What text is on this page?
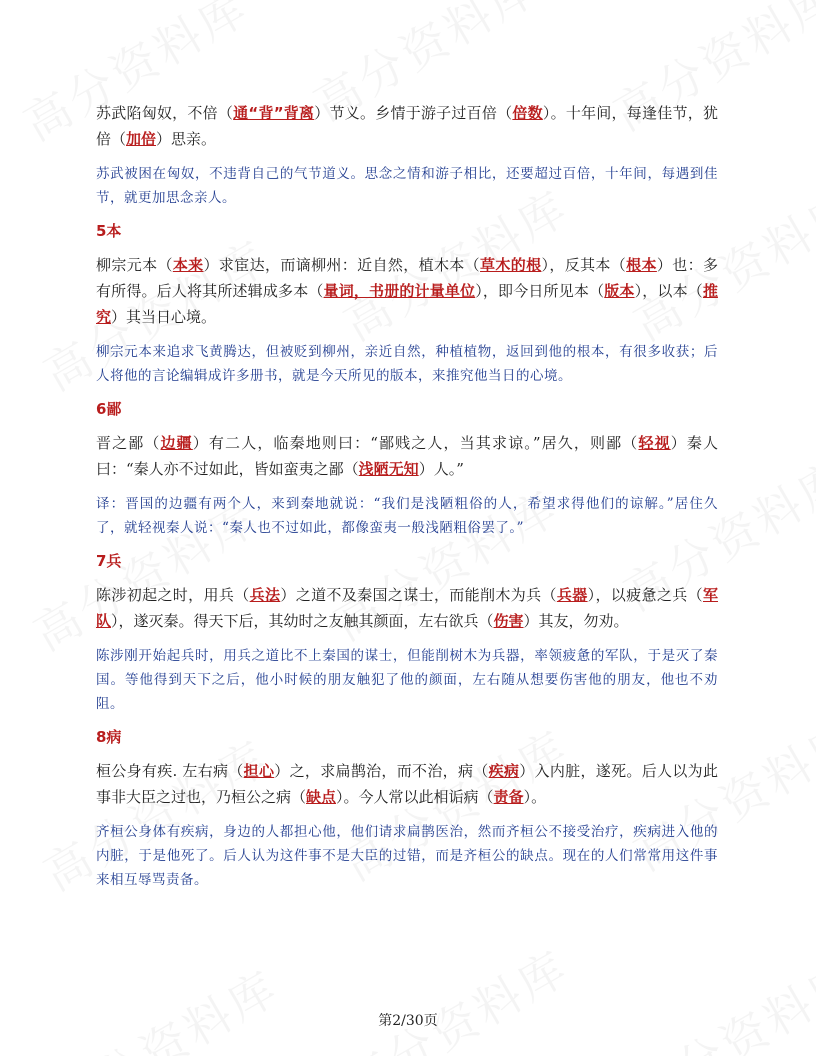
苏武陷匈奴，不倍（通“背”背离）节义。乡情于游子过百倍（倍数）。十年间，每逢佳节，犹倍（加倍）思亲。

苏武被困在匈奴，不违背自己的气节道义。思念之情和游子相比，还要超过百倍，十年间，每遇到佳节，就更加思念亲人。

5本

柳宗元本（本来）求宦达，而谪柳州：近自然，植木本（草木的根），反其本（根本）也：多有所得。后人将其所述辑成多本（量词，书册的计量单位），即今日所见本（版本），以本（推究）其当日心境。

柳宗元本来追求飞黄腾达，但被贬到柳州，亲近自然，种植植物，返回到他的根本，有很多收获；后人将他的言论编辑成许多册书，就是今天所见的版本，来推究他当日的心境。

6鄙

晋之鄙（边疆）有二人，临秦地则曰：“鄙贱之人，当其求谅。”居久，则鄙（轻视）秦人曰：“秦人亦不过如此，皆如蛮夷之鄙（浅陋无知）人。”

译：晋国的边疆有两个人，来到秦地就说：“我们是浅陋粗俗的人，希望求得他们的谅解。”居住久了，就轻视秦人说：“秦人也不过如此，都像蛮夷一般浅陋粗俗罢了。”

7兵

陈涉初起之时，用兵（兵法）之道不及秦国之谋士，而能削木为兵（兵器），以疲惫之兵（军队），遂灭秦。得天下后，其幼时之友触其颜面，左右欲兵（伤害）其友，勿劝。

陈涉刚开始起兵时，用兵之道比不上秦国的谋士，但能削树木为兵器，率领疲惫的军队，于是灭了秦国。等他得到天下之后，他小时候的朋友触犯了他的颜面，左右随从想要伤害他的朋友，他也不劝阻。

8病

桓公身有疾. 左右病（担心）之，求扁鹊治，而不治，病（疾病）入内脏，遂死。后人以为此事非大臣之过也，乃桓公之病（缺点）。今人常以此相诟病（责备）。

齐桓公身体有疾病，身边的人都担心他，他们请求扁鹊医治，然而齐桓公不接受治疗，疾病进入他的内脏，于是他死了。后人认为这件事不是大臣的过错，而是齐桓公的缺点。现在的人们常常用这件事来相互辱骂责备。

第2/30页
